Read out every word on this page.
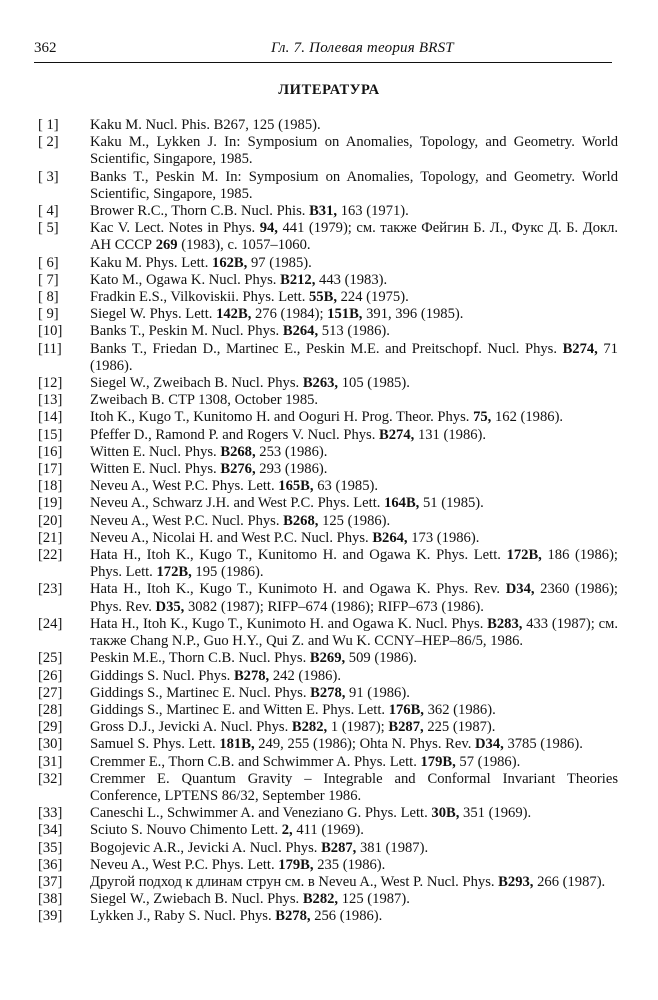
362	Гл. 7. Полевая теория BRST
ЛИТЕРАТУРА
[ 1]	Kaku M. Nucl. Phis. B267, 125 (1985).
[ 2]	Kaku M., Lykken J. In: Symposium on Anomalies, Topology, and Geometry. World Scientific, Singapore, 1985.
[ 3]	Banks T., Peskin M. In: Symposium on Anomalies, Topology, and Geometry. World Scientific, Singapore, 1985.
[ 4]	Brower R.C., Thorn C.B. Nucl. Phis. B31, 163 (1971).
[ 5]	Kac V. Lect. Notes in Phys. 94, 441 (1979); см. также Фейгин Б. Л., Фукс Д. Б. Докл. АН СССР 269 (1983), с. 1057–1060.
[ 6]	Kaku M. Phys. Lett. 162B, 97 (1985).
[ 7]	Kato M., Ogawa K. Nucl. Phys. B212, 443 (1983).
[ 8]	Fradkin E.S., Vilkoviskii. Phys. Lett. 55B, 224 (1975).
[ 9]	Siegel W. Phys. Lett. 142B, 276 (1984); 151B, 391, 396 (1985).
[10]	Banks T., Peskin M. Nucl. Phys. B264, 513 (1986).
[11]	Banks T., Friedan D., Martinec E., Peskin M.E. and Preitschopf. Nucl. Phys. B274, 71 (1986).
[12]	Siegel W., Zweibach B. Nucl. Phys. B263, 105 (1985).
[13]	Zweibach B. CTP 1308, October 1985.
[14]	Itoh K., Kugo T., Kunitomo H. and Ooguri H. Prog. Theor. Phys. 75, 162 (1986).
[15]	Pfeffer D., Ramond P. and Rogers V. Nucl. Phys. B274, 131 (1986).
[16]	Witten E. Nucl. Phys. B268, 253 (1986).
[17]	Witten E. Nucl. Phys. B276, 293 (1986).
[18]	Neveu A., West P.C. Phys. Lett. 165B, 63 (1985).
[19]	Neveu A., Schwarz J.H. and West P.C. Phys. Lett. 164B, 51 (1985).
[20]	Neveu A., West P.C. Nucl. Phys. B268, 125 (1986).
[21]	Neveu A., Nicolai H. and West P.C. Nucl. Phys. B264, 173 (1986).
[22]	Hata H., Itoh K., Kugo T., Kunitomo H. and Ogawa K. Phys. Lett. 172B, 186 (1986); Phys. Lett. 172B, 195 (1986).
[23]	Hata H., Itoh K., Kugo T., Kunimoto H. and Ogawa K. Phys. Rev. D34, 2360 (1986); Phys. Rev. D35, 3082 (1987); RIFP–674 (1986); RIFP–673 (1986).
[24]	Hata H., Itoh K., Kugo T., Kunimoto H. and Ogawa K. Nucl. Phys. B283, 433 (1987); см. также Chang N.P., Guo H.Y., Qui Z. and Wu K. CCNY–HEP–86/5, 1986.
[25]	Peskin M.E., Thorn C.B. Nucl. Phys. B269, 509 (1986).
[26]	Giddings S. Nucl. Phys. B278, 242 (1986).
[27]	Giddings S., Martinec E. Nucl. Phys. B278, 91 (1986).
[28]	Giddings S., Martinec E. and Witten E. Phys. Lett. 176B, 362 (1986).
[29]	Gross D.J., Jevicki A. Nucl. Phys. B282, 1 (1987); B287, 225 (1987).
[30]	Samuel S. Phys. Lett. 181B, 249, 255 (1986); Ohta N. Phys. Rev. D34, 3785 (1986).
[31]	Cremmer E., Thorn C.B. and Schwimmer A. Phys. Lett. 179B, 57 (1986).
[32]	Cremmer E. Quantum Gravity – Integrable and Conformal Invariant Theories Conference, LPTENS 86/32, September 1986.
[33]	Caneschi L., Schwimmer A. and Veneziano G. Phys. Lett. 30B, 351 (1969).
[34]	Sciuto S. Nouvo Chimento Lett. 2, 411 (1969).
[35]	Bogojevic A.R., Jevicki A. Nucl. Phys. B287, 381 (1987).
[36]	Neveu A., West P.C. Phys. Lett. 179B, 235 (1986).
[37]	Другой подход к длинам струн см. в Neveu A., West P. Nucl. Phys. B293, 266 (1987).
[38]	Siegel W., Zwiebach B. Nucl. Phys. B282, 125 (1987).
[39]	Lykken J., Raby S. Nucl. Phys. B278, 256 (1986).
